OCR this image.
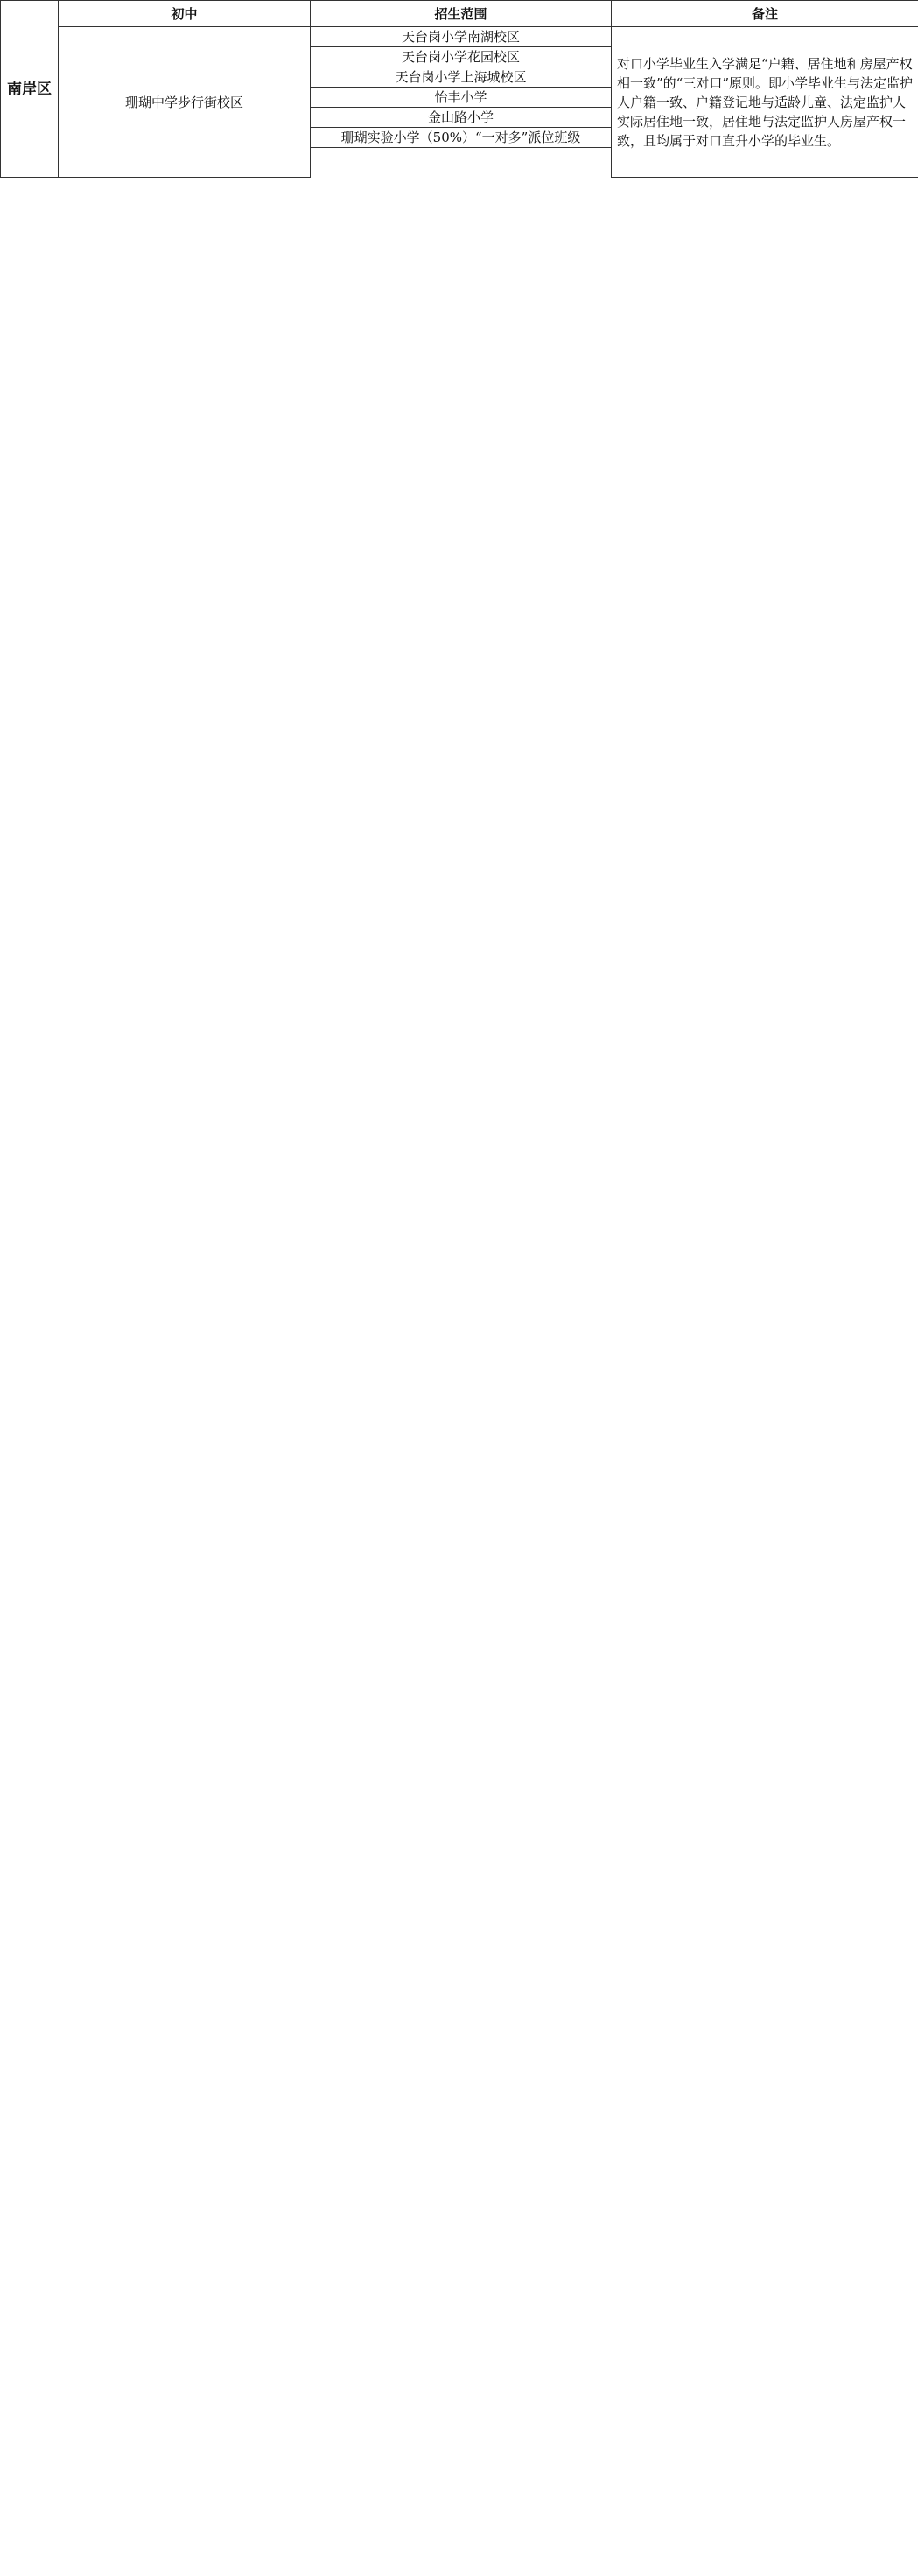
南岸区	初中	招生范围	备注
	珊瑚中学步行街校区	天台岗小学南湖校区	对口小学毕业生入学满足“户籍、居住地和房屋产权相一致”的“三对口”原则。即小学毕业生与法定监护人户籍一致、户籍登记地与适龄儿童、法定监护人实际居住地一致，居住地与法定监护人房屋产权一致，且均属于对口直升小学的毕业生。
		天台岗小学花园校区	
		天台岗小学上海城校区	
		怡丰小学	
		金山路小学	
		珊瑚实验小学（50%）“一对多”派位班级	
